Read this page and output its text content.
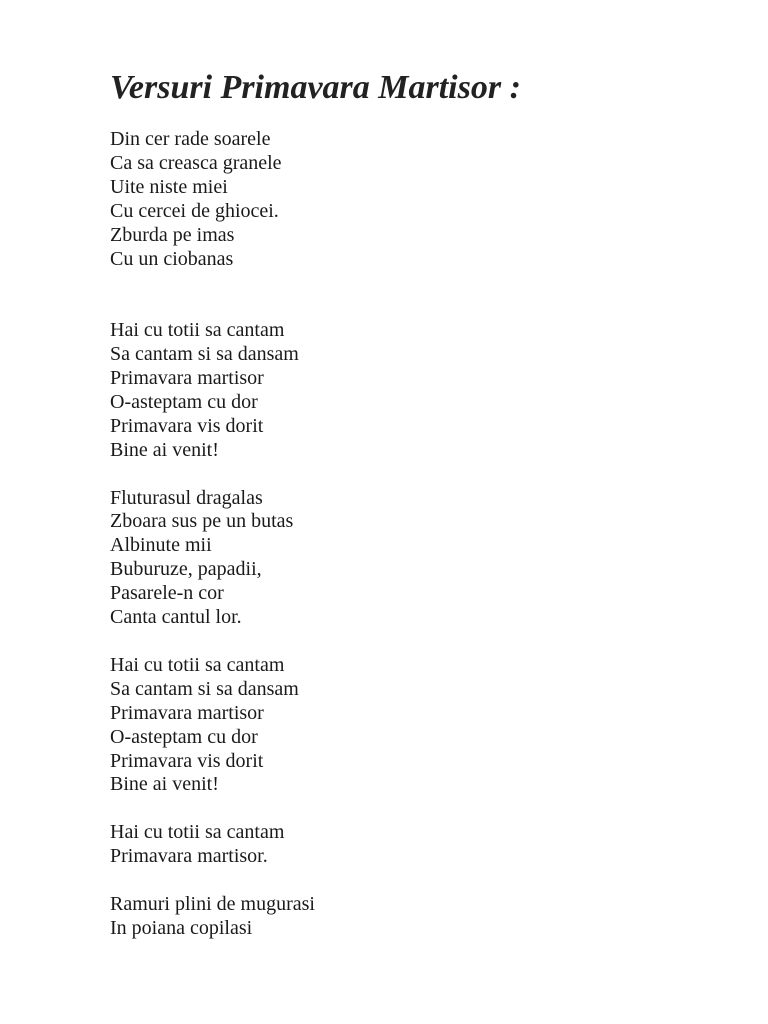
Versuri Primavara Martisor :
Din cer rade soarele
Ca sa creasca granele
Uite niste miei
Cu cercei de ghiocei.
Zburda pe imas
Cu un ciobanas
Hai cu totii sa cantam
Sa cantam si sa dansam
Primavara martisor
O-asteptam cu dor
Primavara vis dorit
Bine ai venit!
Fluturasul dragalas
Zboara sus pe un butas
Albinute mii
Buburuze, papadii,
Pasarele-n cor
Canta cantul lor.
Hai cu totii sa cantam
Sa cantam si sa dansam
Primavara martisor
O-asteptam cu dor
Primavara vis dorit
Bine ai venit!
Hai cu totii sa cantam
Primavara martisor.
Ramuri plini de mugurasi
In poiana copilasi
